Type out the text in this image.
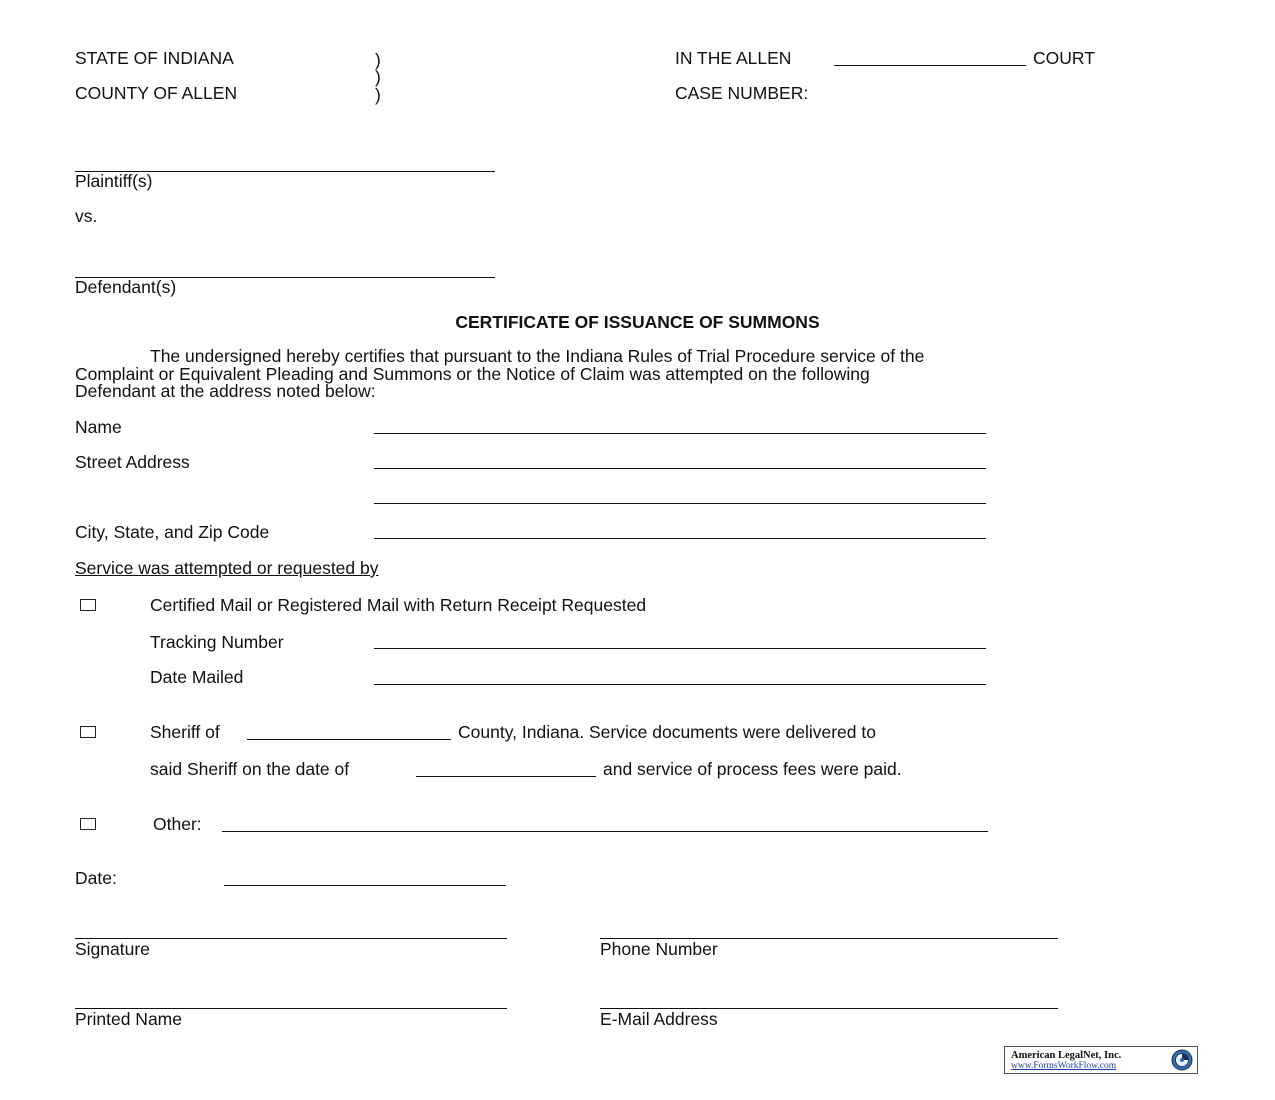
STATE OF INDIANA	)
)
)
COUNTY OF ALLEN
IN THE ALLEN	COURT
CASE NUMBER:
Plaintiff(s)
vs.
Defendant(s)
CERTIFICATE OF ISSUANCE OF SUMMONS
The undersigned hereby certifies that pursuant to the Indiana Rules of Trial Procedure service of the
Complaint or Equivalent Pleading and Summons or the Notice of Claim was attempted on the following
Defendant at the address noted below:
Name
Street Address
City, State, and Zip Code
Service was attempted or requested by
Certified Mail or Registered Mail with Return Receipt Requested
Tracking Number
Date Mailed
Sheriff of	County, Indiana. Service documents were delivered to
said Sheriff on the date of	and service of process fees were paid.
Other:
Date:
Signature	Phone Number
Printed Name	E-Mail Address
American LegalNet, Inc.
www.FormsWorkFlow.com
